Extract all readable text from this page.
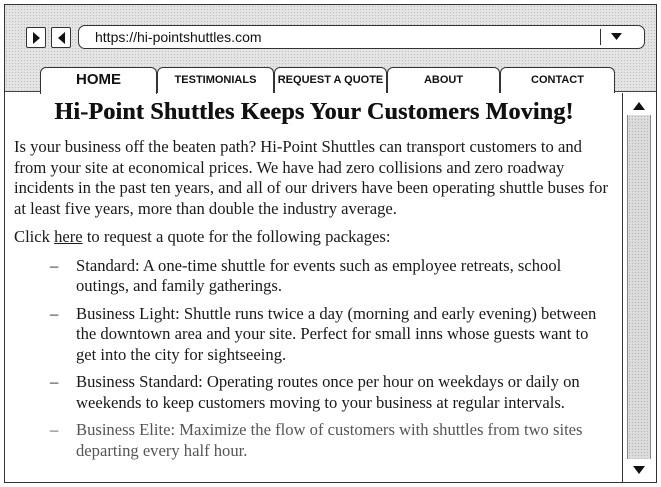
https://hi-pointshuttles.com
HOME	TESTIMONIALS	REQUEST A QUOTE	ABOUT	CONTACT
Hi-Point Shuttles Keeps Your Customers Moving!

Is your business off the beaten path? Hi-Point Shuttles can transport customers to and from your site at economical prices. We have had zero collisions and zero roadway incidents in the past ten years, and all of our drivers have been operating shuttle buses for at least five years, more than double the industry average.

Click here to request a quote for the following packages:

– Standard: A one-time shuttle for events such as employee retreats, school outings, and family gatherings.
– Business Light: Shuttle runs twice a day (morning and early evening) between the downtown area and your site. Perfect for small inns whose guests want to get into the city for sightseeing.
– Business Standard: Operating routes once per hour on weekdays or daily on weekends to keep customers moving to your business at regular intervals.
– Business Elite: Maximize the flow of customers with shuttles from two sites departing every half hour.
